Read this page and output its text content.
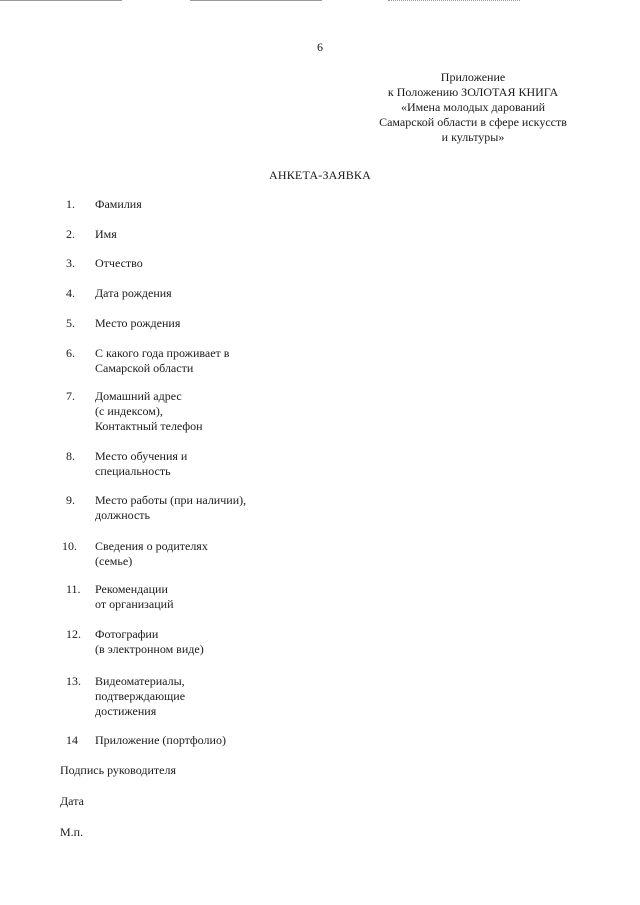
6
Приложение
к Положению ЗОЛОТАЯ КНИГА
«Имена молодых дарований
Самарской области в сфере искусств
и культуры»
АНКЕТА-ЗАЯВКА
1. Фамилия
2. Имя
3. Отчество
4. Дата рождения
5. Место рождения
6. С какого года проживает в
Самарской области
7. Домашний адрес
(с индексом),
Контактный телефон
8. Место обучения и
специальность
9. Место работы (при наличии),
должность
10. Сведения о родителях
(семье)
11. Рекомендации
от организаций
12. Фотографии
(в электронном виде)
13. Видеоматериалы,
подтверждающие
достижения
14 Приложение (портфолио)
Подпись руководителя
Дата
М.п.
